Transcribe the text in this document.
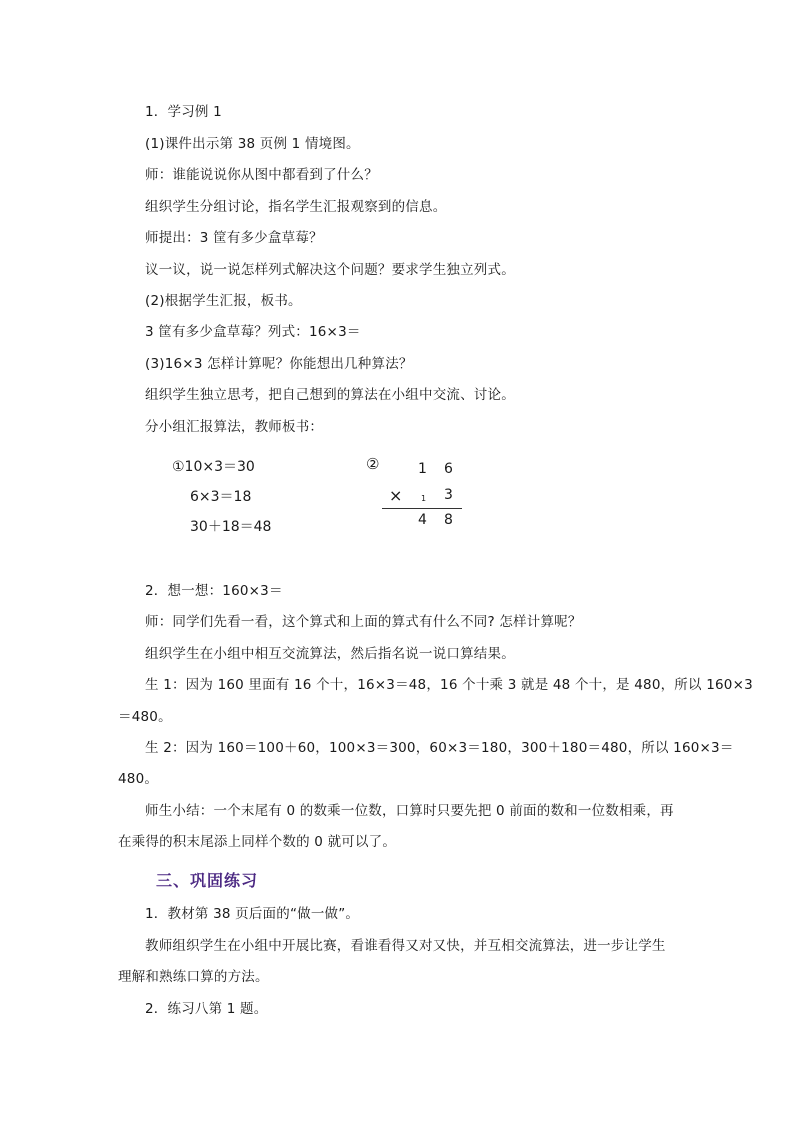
1．学习例 1
(1)课件出示第 38 页例 1 情境图。
师：谁能说说你从图中都看到了什么？
组织学生分组讨论，指名学生汇报观察到的信息。
师提出：3 筐有多少盒草莓？
议一议，说一说怎样列式解决这个问题？要求学生独立列式。
(2)根据学生汇报，板书。
3 筐有多少盒草莓？列式：16×3＝
(3)16×3 怎样计算呢？你能想出几种算法？
组织学生独立思考，把自己想到的算法在小组中交流、讨论。
分小组汇报算法，教师板书：
①10×3＝30
6×3＝18
30＋18＝48
②	1 6
× 1 3
4 8
2．想一想：160×3＝
师：同学们先看一看，这个算式和上面的算式有什么不同? 怎样计算呢？
组织学生在小组中相互交流算法，然后指名说一说口算结果。
生 1：因为 160 里面有 16 个十，16×3＝48，16 个十乘 3 就是 48 个十，是 480，所以 160×3
＝480。
生 2：因为 160＝100＋60，100×3＝300，60×3＝180，300＋180＝480，所以 160×3＝
480。
师生小结：一个末尾有 0 的数乘一位数，口算时只要先把 0 前面的数和一位数相乘，再
在乘得的积末尾添上同样个数的 0 就可以了。
三、巩固练习
1．教材第 38 页后面的“做一做”。
教师组织学生在小组中开展比赛，看谁看得又对又快，并互相交流算法，进一步让学生
理解和熟练口算的方法。
2．练习八第 1 题。
